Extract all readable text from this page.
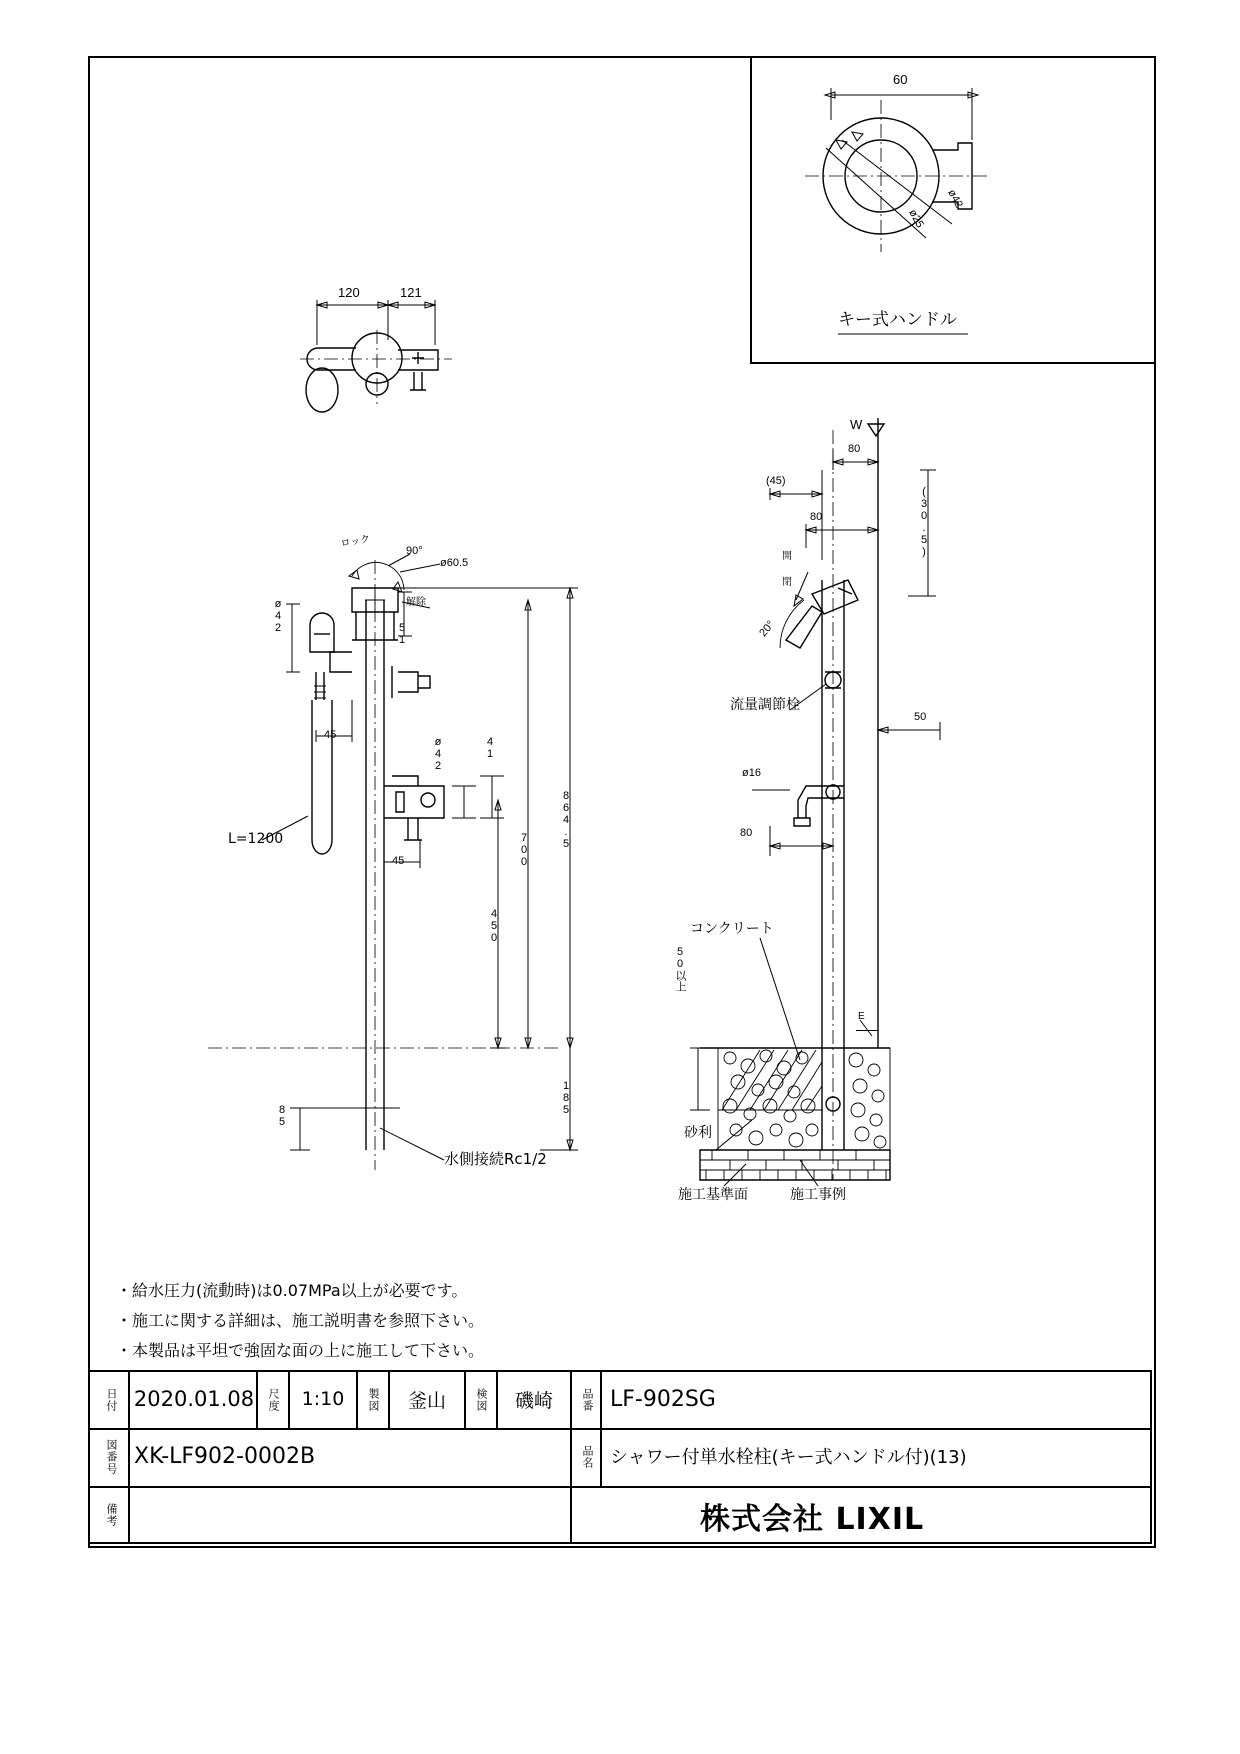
60
ø42
ø25
キー式ハンドル
120	121
ロック
解除
L=1200
水側接続Rc1/2
90°
ø60.5
ø42
ø42
51
45
45
41
450
700	864.5
185
85
W
開
閉
流量調節栓
コンクリート
砂利
施工基準面	施工事例
E
80
(45)
80	(30.5)
20°
50
ø16
80
50以上
・給水圧力(流動時)は0.07MPa以上が必要です。
・施工に関する詳細は、施工説明書を参照下さい。
・本製品は平坦で強固な面の上に施工して下さい。
日付 2020.01.08	尺度	1:10	製図	釜山	検図	磯崎	品番 LF-902SG
図番号 XK-LF902-0002B	品名 シャワー付単水栓柱(キー式ハンドル付)(13)
備考	株式会社 LIXIL
